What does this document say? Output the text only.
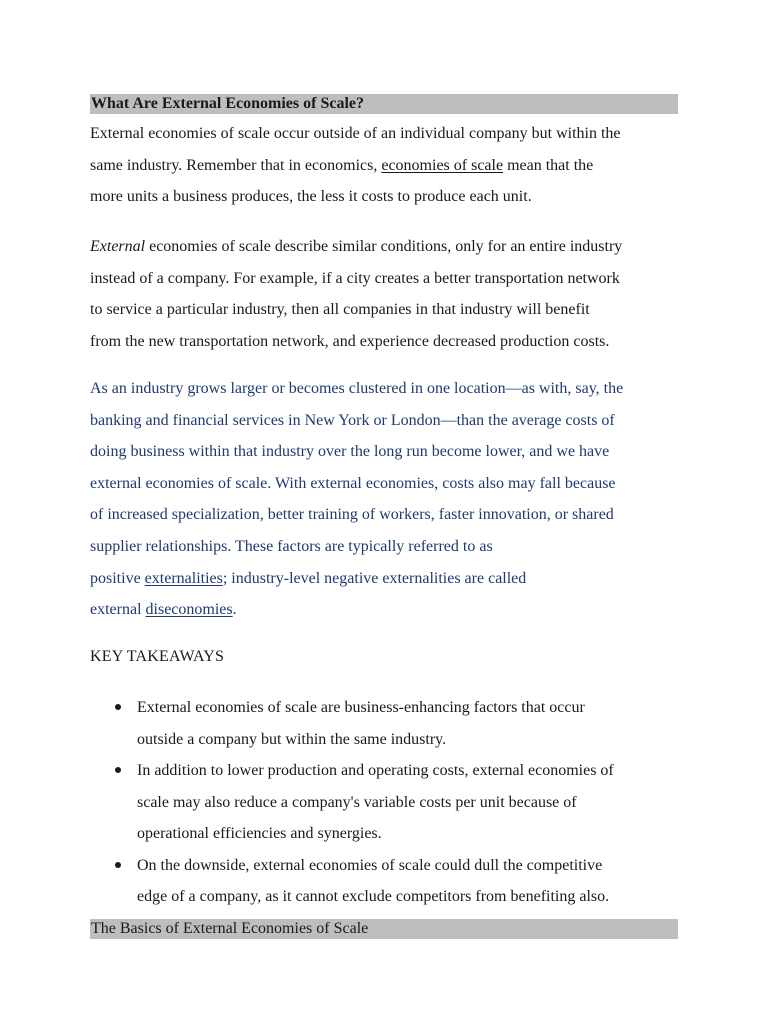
What Are External Economies of Scale?

External economies of scale occur outside of an individual company but within the
same industry. Remember that in economics, economies of scale mean that the
more units a business produces, the less it costs to produce each unit.

External economies of scale describe similar conditions, only for an entire industry
instead of a company. For example, if a city creates a better transportation network
to service a particular industry, then all companies in that industry will benefit
from the new transportation network, and experience decreased production costs.

As an industry grows larger or becomes clustered in one location—as with, say, the
banking and financial services in New York or London—than the average costs of
doing business within that industry over the long run become lower, and we have
external economies of scale. With external economies, costs also may fall because
of increased specialization, better training of workers, faster innovation, or shared
supplier relationships. These factors are typically referred to as
positive externalities; industry-level negative externalities are called
external diseconomies.

KEY TAKEAWAYS
External economies of scale are business-enhancing factors that occur
outside a company but within the same industry.
In addition to lower production and operating costs, external economies of
scale may also reduce a company's variable costs per unit because of
operational efficiencies and synergies.
On the downside, external economies of scale could dull the competitive
edge of a company, as it cannot exclude competitors from benefiting also.
The Basics of External Economies of Scale
